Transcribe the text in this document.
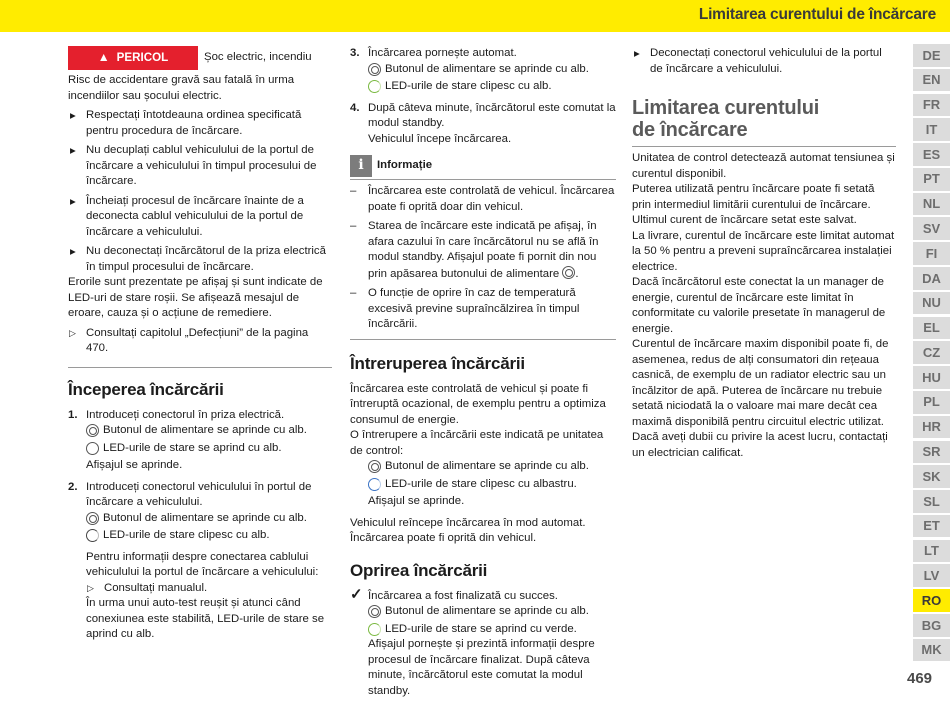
Limitarea curentului de încărcare
▲ PERICOL	Șoc electric, incendiu

Risc de accidentare gravă sau fatală în urma incendiilor sau șocului electric.

▶ Respectați întotdeauna ordinea specificată pentru procedura de încărcare.

▶ Nu decuplați cablul vehiculului de la portul de încărcare a vehiculului în timpul procesului de încărcare.

▶ Încheiați procesul de încărcare înainte de a deconecta cablul vehiculului de la portul de încărcare a vehiculului.

▶ Nu deconectați încărcătorul de la priza electrică în timpul procesului de încărcare.

Erorile sunt prezentate pe afișaj și sunt indicate de LED-uri de stare roșii. Se afișează mesajul de eroare, cauza și o acțiune de remediere.

▷ Consultați capitolul „Defecțiuni” de la pagina 470.

Începerea încărcării
1. Introduceți conectorul în priza electrică.

Butonul de alimentare se aprinde cu alb.
LED-urile de stare se aprind cu alb.

Afișajul se aprinde.

2. Introduceți conectorul vehiculului în portul de încărcare a vehiculului.

Butonul de alimentare se aprinde cu alb.
LED-urile de stare clipesc cu alb.

Pentru informații despre conectarea cablului vehiculului la portul de încărcare a vehiculului:

▷ Consultați manualul.

În urma unui auto-test reușit și atunci când conexiunea este stabilită, LED-urile de stare se aprind cu alb.

3. Încărcarea pornește automat.

Butonul de alimentare se aprinde cu alb.
LED-urile de stare clipesc cu alb.
4. După câteva minute, încărcătorul este comutat la modul standby.

Vehiculul începe încărcarea.

i	Informație

– Încărcarea este controlată de vehicul. Încărcarea poate fi oprită doar din vehicul.

– Starea de încărcare este indicată pe afișaj, în afara cazului în care încărcătorul nu se află în modul standby. Afișajul poate fi pornit din nou prin apăsarea butonului de alimentare .

– O funcție de oprire în caz de temperatură excesivă previne supraîncălzirea în timpul încărcării.

Întreruperea încărcării

Încărcarea este controlată de vehicul și poate fi întreruptă ocazional, de exemplu pentru a optimiza consumul de energie.

O întrerupere a încărcării este indicată pe unitatea de control:

Butonul de alimentare se aprinde cu alb.
LED-urile de stare clipesc cu albastru.

Afișajul se aprinde.

Vehiculul reîncepe încărcarea în mod automat. Încărcarea poate fi oprită din vehicul.

Oprirea încărcării

✓ Încărcarea a fost finalizată cu succes.

Butonul de alimentare se aprinde cu alb.
LED-urile de stare se aprind cu verde.

Afișajul pornește și prezintă informații despre procesul de încărcare finalizat. După câteva minute, încărcătorul este comutat la modul standby.

▶ Deconectați conectorul vehiculului de la portul de încărcare a vehiculului.

Limitarea curentului
de încărcare

Unitatea de control detectează automat tensiunea și curentul disponibil.

Puterea utilizată pentru încărcare poate fi setată prin intermediul limitării curentului de încărcare. Ultimul curent de încărcare setat este salvat.

La livrare, curentul de încărcare este limitat automat la 50 % pentru a preveni supraîncărcarea instalației electrice.

Dacă încărcătorul este conectat la un manager de energie, curentul de încărcare este limitat în conformitate cu valorile presetate în managerul de energie.

Curentul de încărcare maxim disponibil poate fi, de asemenea, redus de alți consumatori din rețeaua casnică, de exemplu de un radiator electric sau un încălzitor de apă. Puterea de încărcare nu trebuie setată niciodată la o valoare mai mare decât cea maximă disponibilă pentru circuitul electric utilizat. Dacă aveți dubii cu privire la acest lucru, contactați un electrician calificat.

DE
EN
FR
IT
ES
PT
NL
SV
FI
DA
NU
EL
CZ
HU
PL
HR
SR
SK
SL
ET
LT
LV
RO
BG
MK
469
